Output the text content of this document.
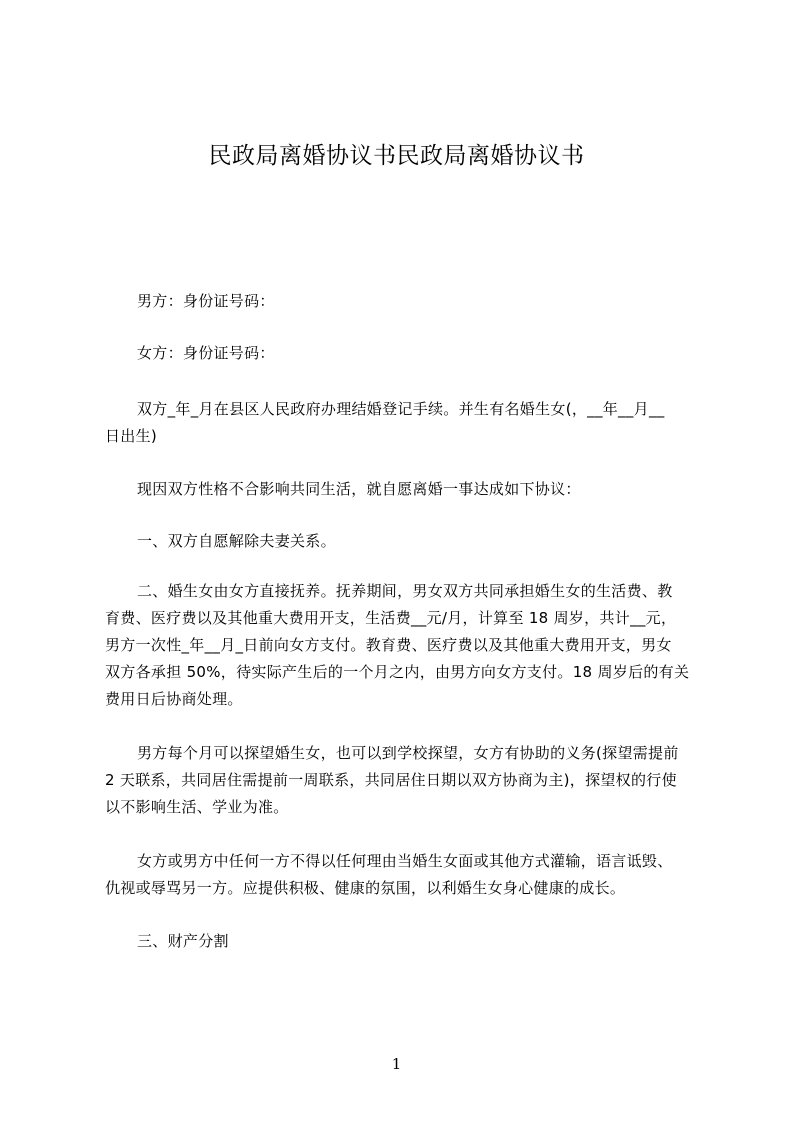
民政局离婚协议书民政局离婚协议书
男方：身份证号码：
女方：身份证号码：
双方_年_月在县区人民政府办理结婚登记手续。并生有名婚生女(，__年__月__
日出生)
现因双方性格不合影响共同生活，就自愿离婚一事达成如下协议：
一、双方自愿解除夫妻关系。
二、婚生女由女方直接抚养。抚养期间，男女双方共同承担婚生女的生活费、教
育费、医疗费以及其他重大费用开支，生活费__元/月，计算至 18 周岁，共计__元，
男方一次性_年__月_日前向女方支付。教育费、医疗费以及其他重大费用开支，男女
双方各承担 50%，待实际产生后的一个月之内，由男方向女方支付。18 周岁后的有关
费用日后协商处理。
男方每个月可以探望婚生女，也可以到学校探望，女方有协助的义务(探望需提前
2 天联系，共同居住需提前一周联系，共同居住日期以双方协商为主)，探望权的行使
以不影响生活、学业为准。
女方或男方中任何一方不得以任何理由当婚生女面或其他方式灌输，语言诋毁、
仇视或辱骂另一方。应提供积极、健康的氛围，以利婚生女身心健康的成长。
三、财产分割
1
